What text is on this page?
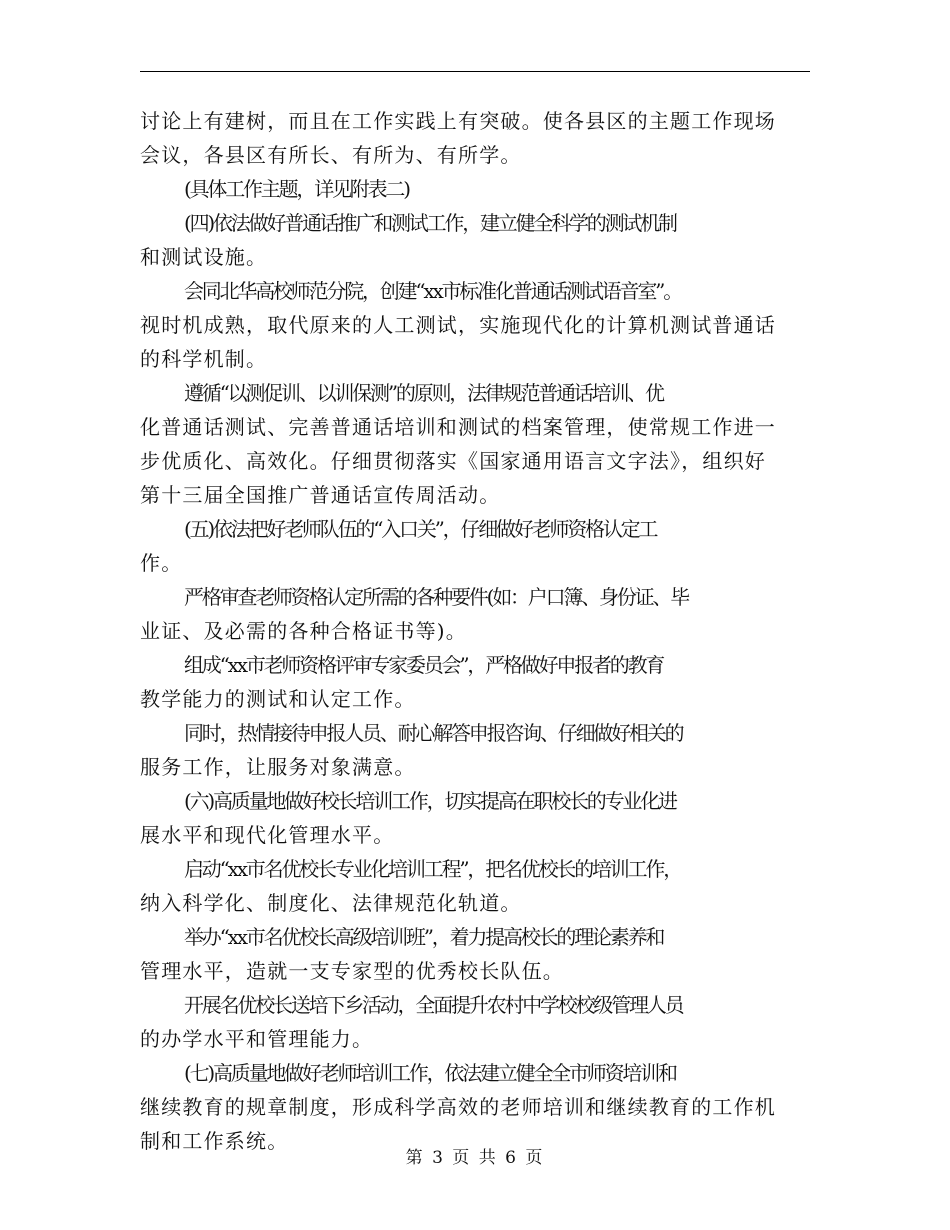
讨论上有建树，而且在工作实践上有突破。使各县区的主题工作现场
会议，各县区有所长、有所为、有所学。
(具体工作主题，详见附表二)
(四)依法做好普通话推广和测试工作，建立健全科学的测试机制
和测试设施。
会同北华高校师范分院，创建“xx市标准化普通话测试语音室”。
视时机成熟，取代原来的人工测试，实施现代化的计算机测试普通话
的科学机制。
遵循“以测促训、以训保测”的原则，法律规范普通话培训、优
化普通话测试、完善普通话培训和测试的档案管理，使常规工作进一
步优质化、高效化。仔细贯彻落实《国家通用语言文字法》，组织好
第十三届全国推广普通话宣传周活动。
(五)依法把好老师队伍的“入口关”，仔细做好老师资格认定工
作。
严格审查老师资格认定所需的各种要件(如：户口簿、身份证、毕
业证、及必需的各种合格证书等)。
组成“xx市老师资格评审专家委员会”，严格做好申报者的教育
教学能力的测试和认定工作。
同时，热情接待申报人员、耐心解答申报咨询、仔细做好相关的
服务工作，让服务对象满意。
(六)高质量地做好校长培训工作，切实提高在职校长的专业化进
展水平和现代化管理水平。
启动“xx市名优校长专业化培训工程”，把名优校长的培训工作，
纳入科学化、制度化、法律规范化轨道。
举办“xx市名优校长高级培训班”，着力提高校长的理论素养和
管理水平，造就一支专家型的优秀校长队伍。
开展名优校长送培下乡活动，全面提升农村中学校校级管理人员
的办学水平和管理能力。
(七)高质量地做好老师培训工作，依法建立健全全市师资培训和
继续教育的规章制度，形成科学高效的老师培训和继续教育的工作机
制和工作系统。
第 3 页 共 6 页
